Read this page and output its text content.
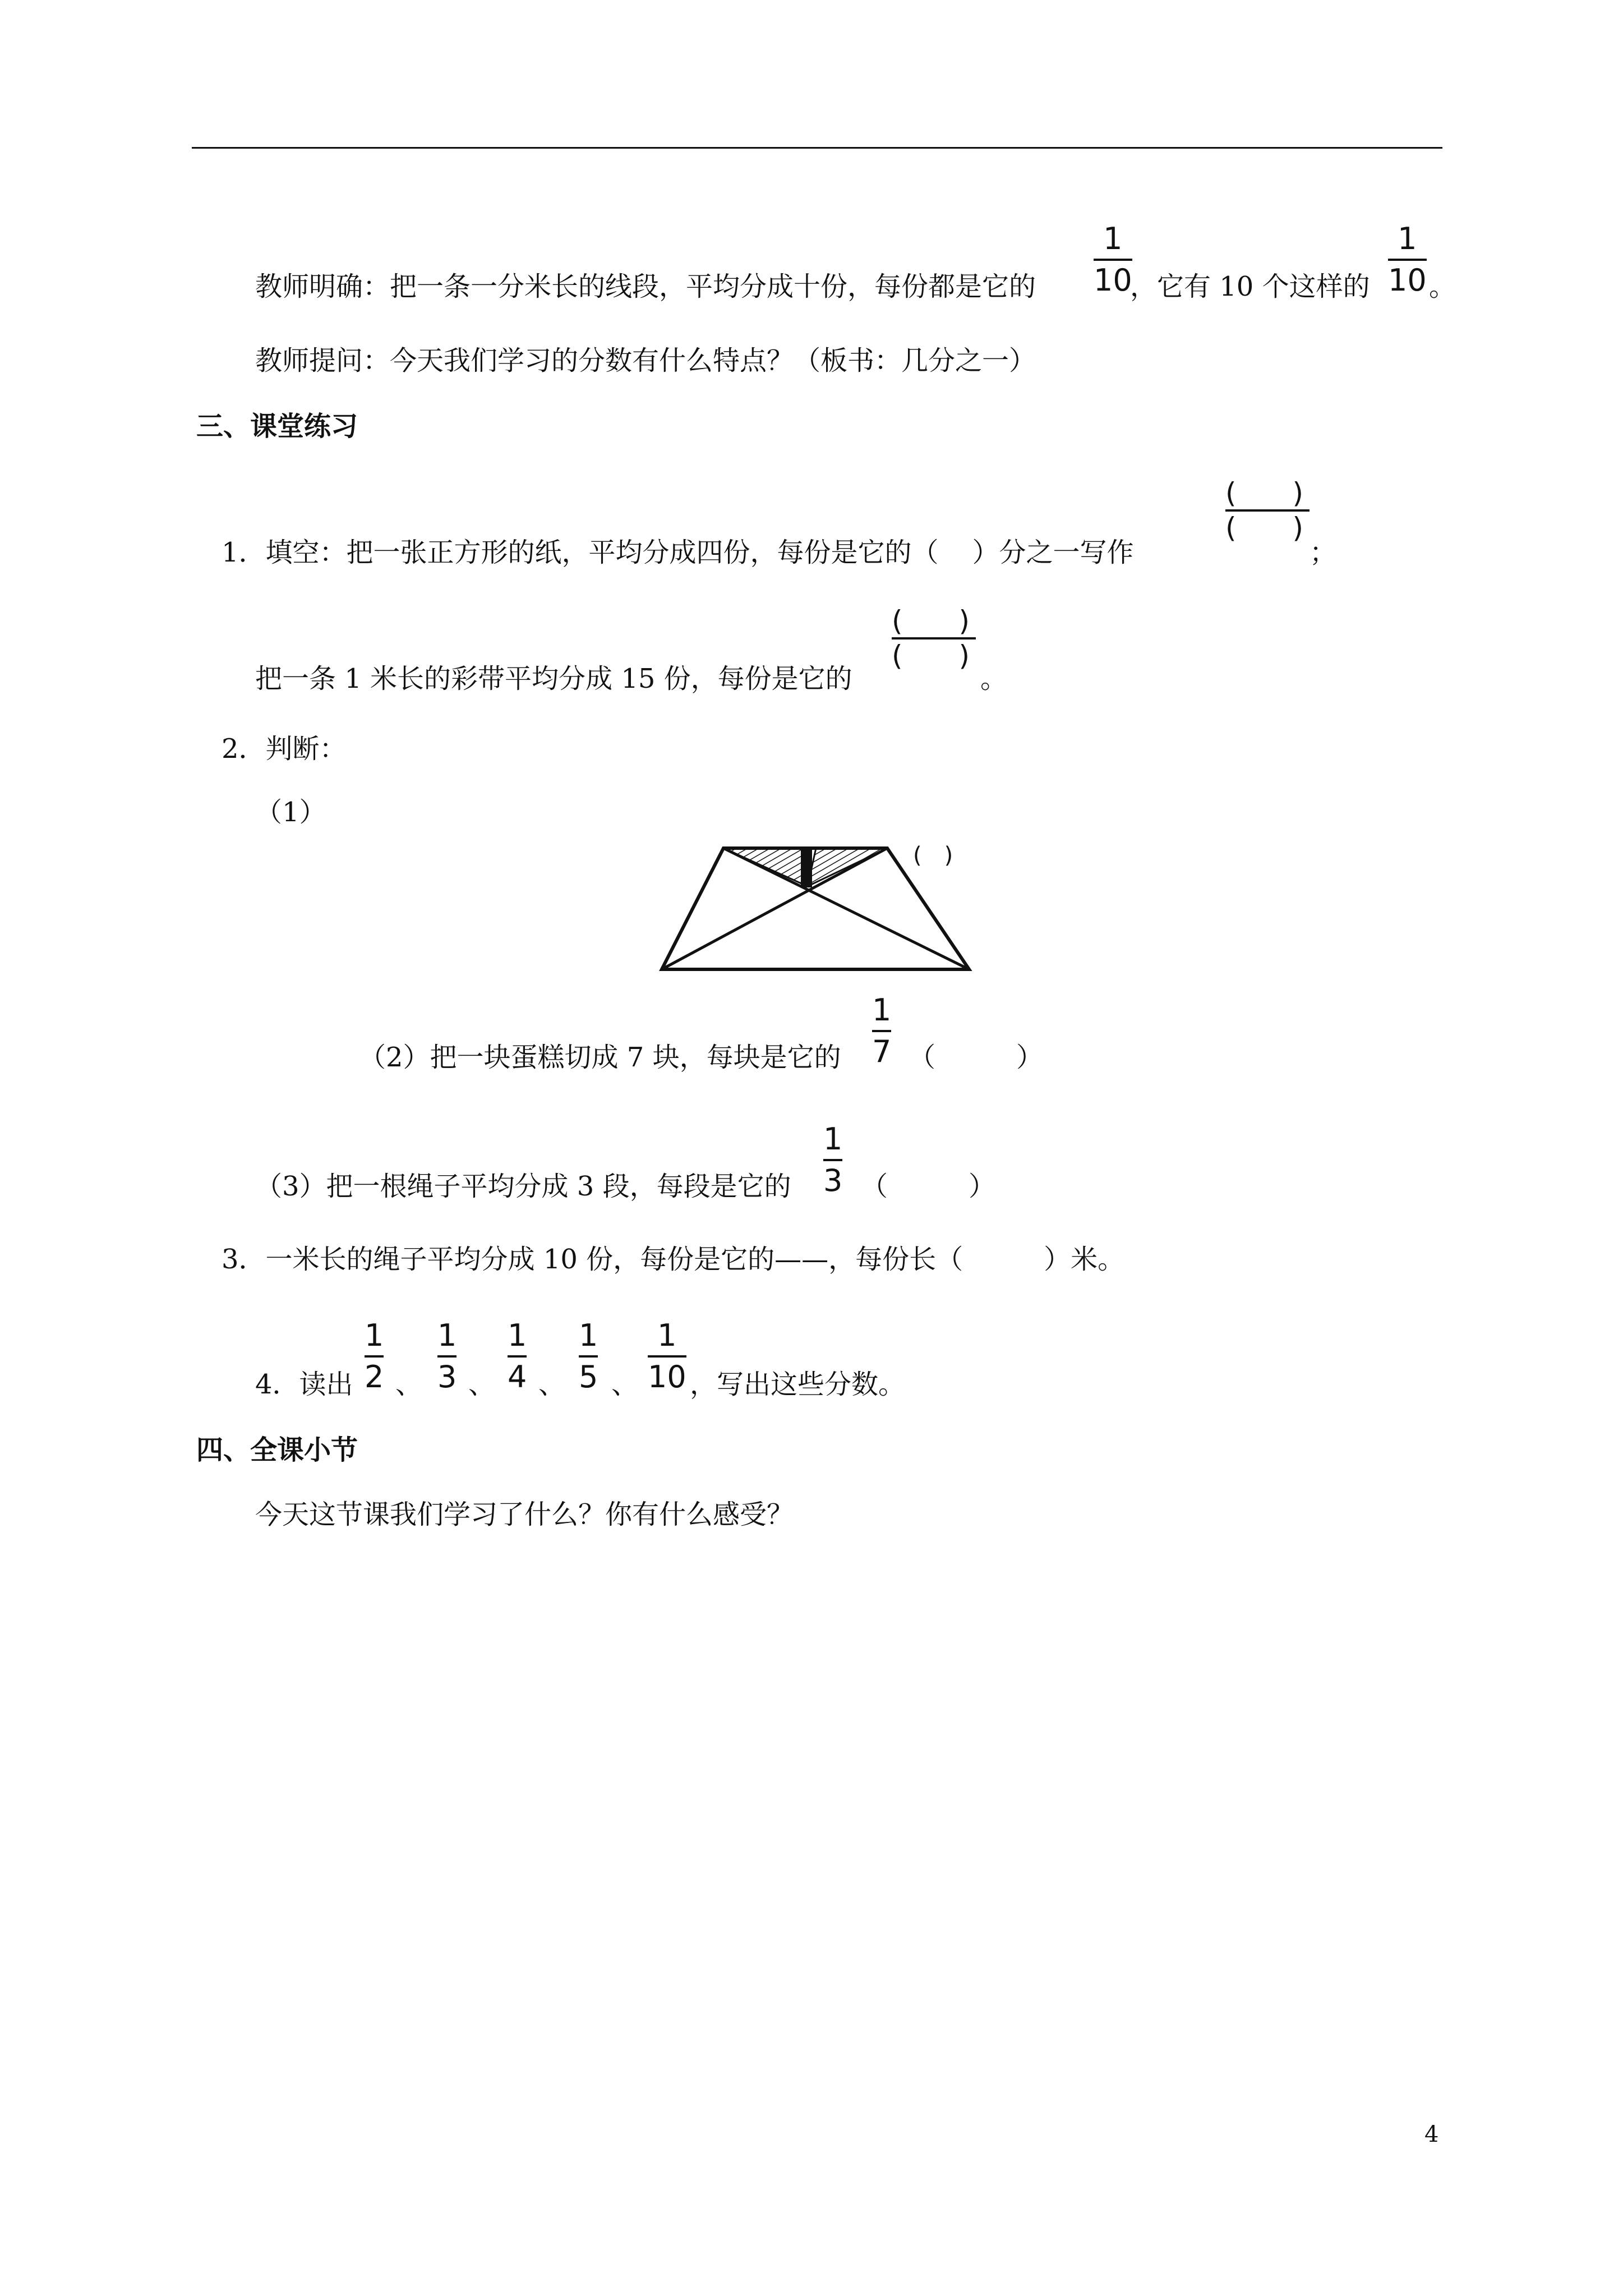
教师明确：把一条一分米长的线段，平均分成十份，每份都是它的
1
10
，它有 10 个这样的
1
10 。
教师提问：今天我们学习的分数有什么特点？（板书：几分之一）
三、课堂练习
1．填空：把一张正方形的纸，平均分成四份，每份是它的（ ）分之一写作
(　　)
(　　)
；
把一条 1 米长的彩带平均分成 15 份，每份是它的
(　　)
(　　)
。
2．判断：
（1）
(　)
（2）把一块蛋糕切成 7 块，每块是它的
1
7 （　　　）
（3）把一根绳子平均分成 3 段，每段是它的
1
3 （　　　）
3．一米长的绳子平均分成 10 份，每份是它的——，每份长（　　　）米。
4．读出
1
2 、
1
3 、
1
4 、
1
5 、
1
10 ，写出这些分数。
四、全课小节
今天这节课我们学习了什么？你有什么感受？
4
